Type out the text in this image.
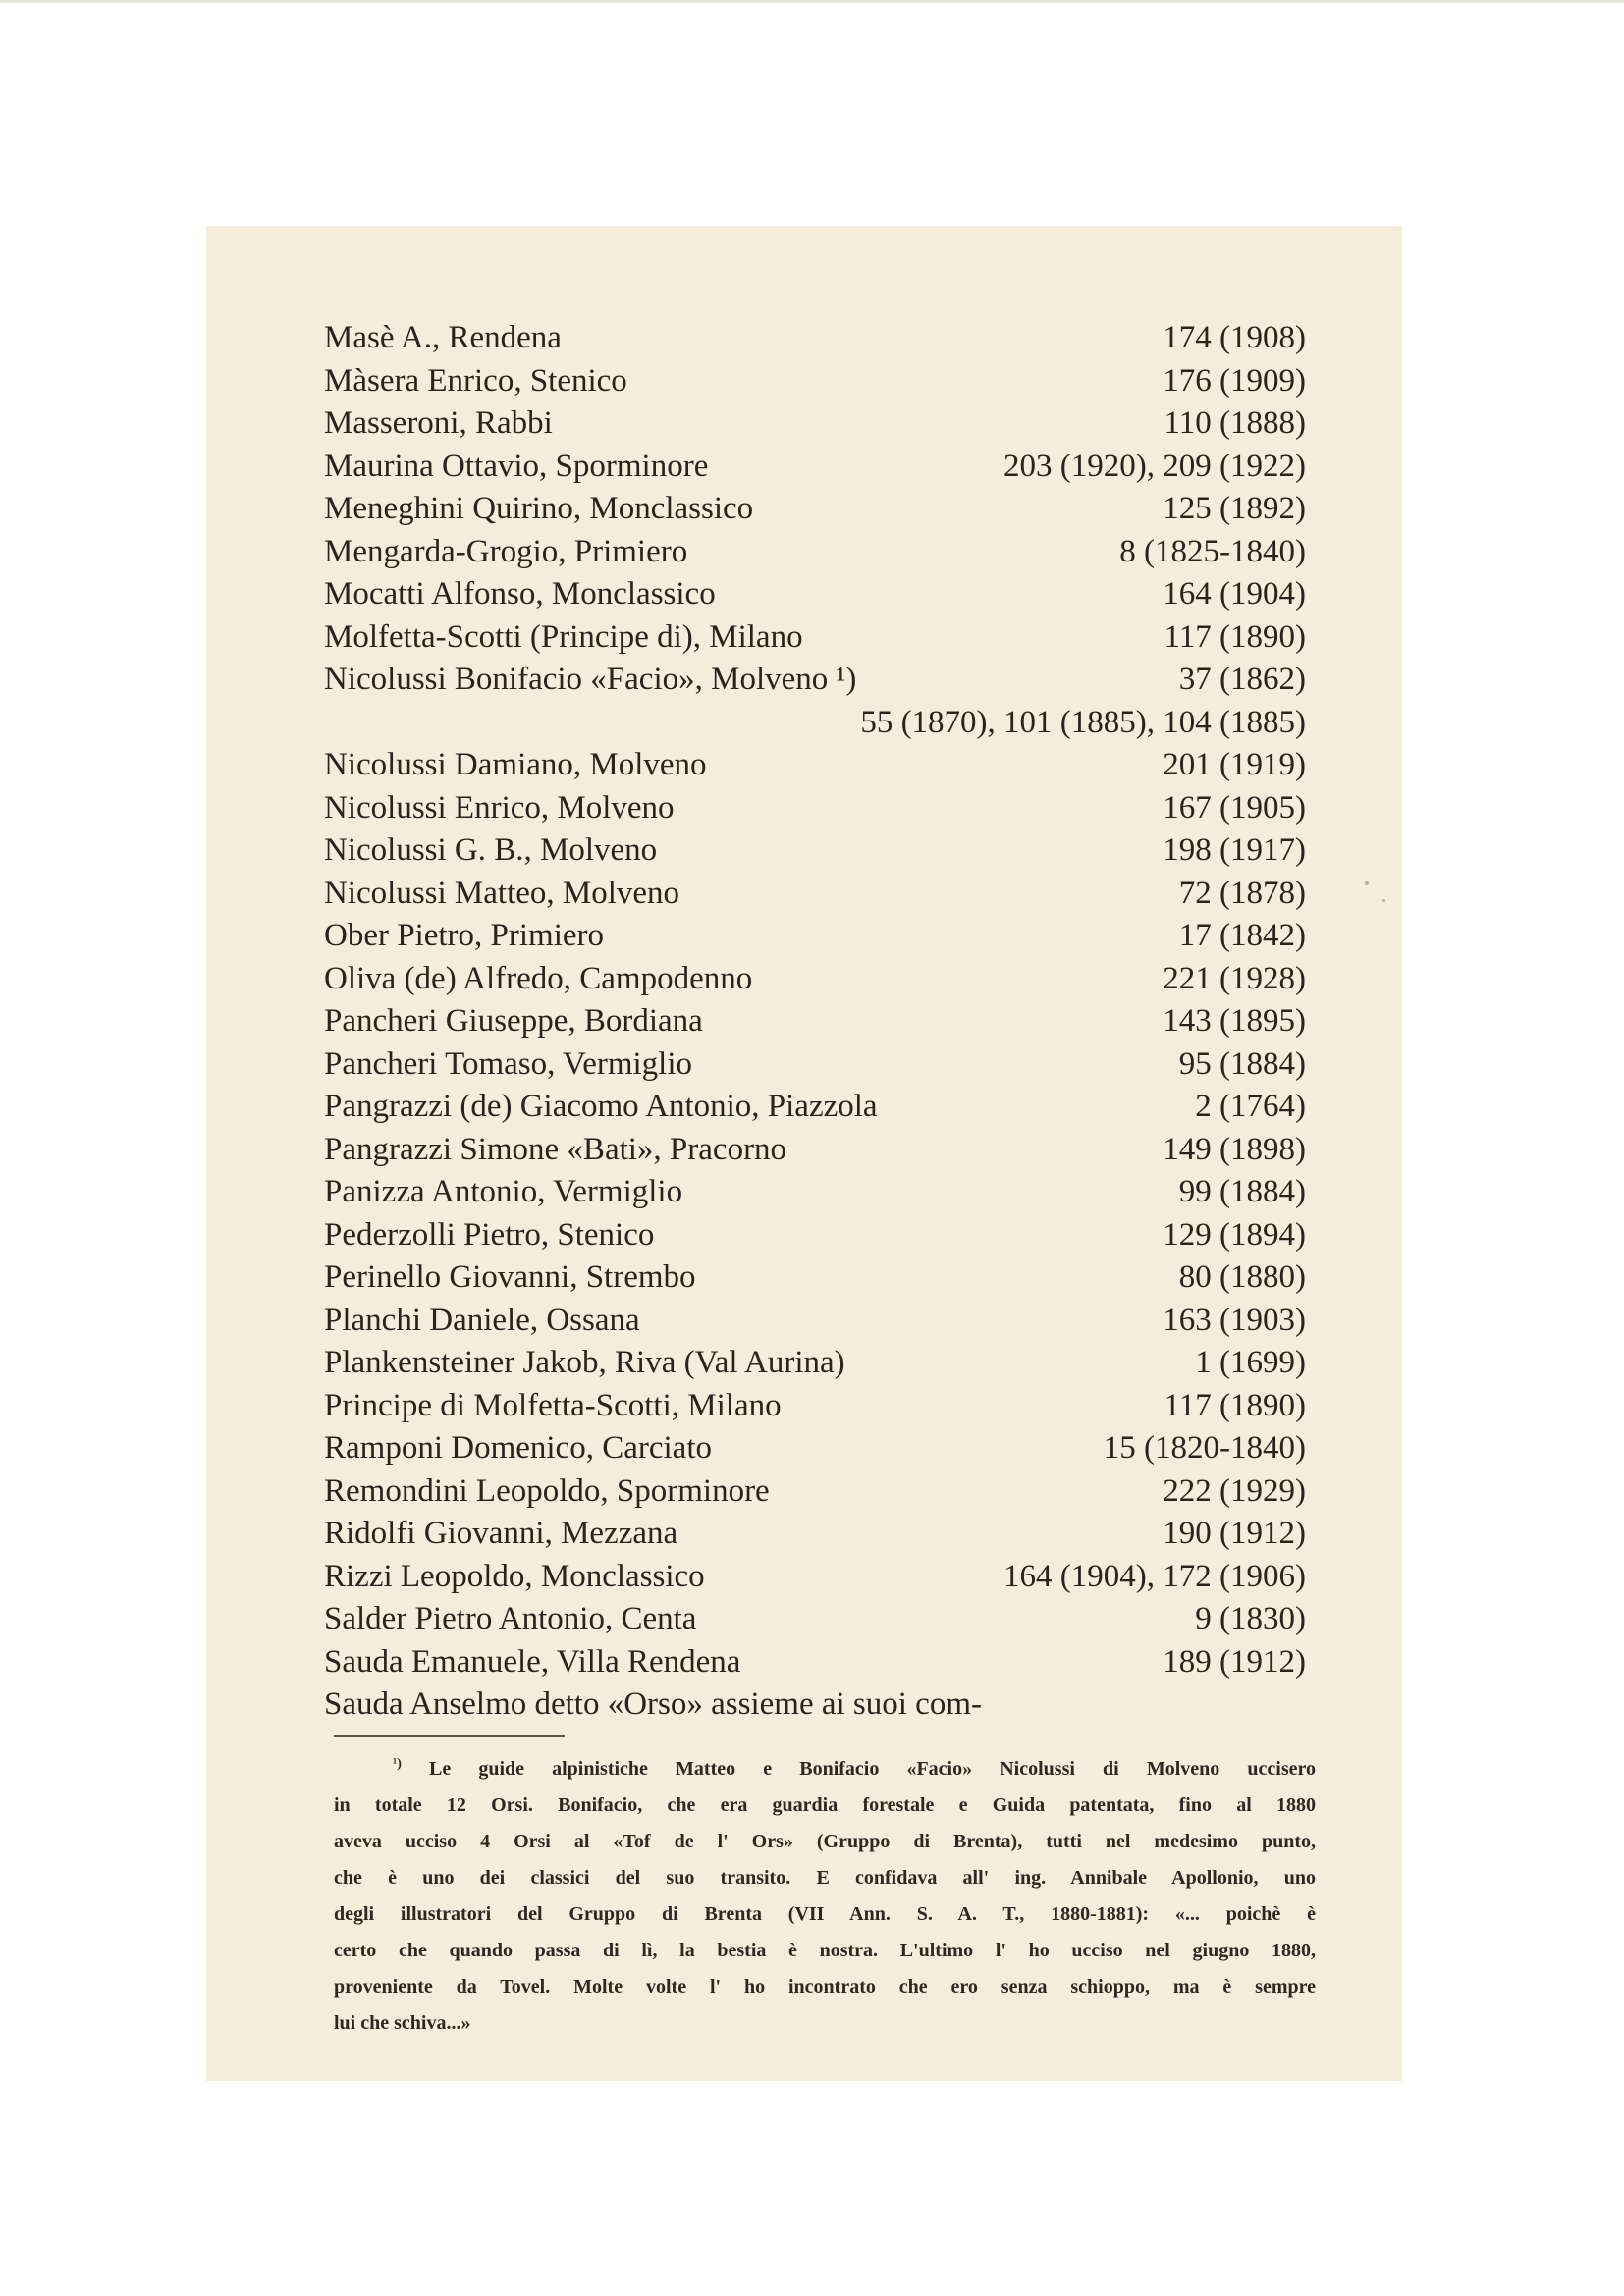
Masè A., Rendena	174 (1908)
Màsera Enrico, Stenico	176 (1909)
Masseroni, Rabbi	110 (1888)
Maurina Ottavio, Sporminore	203 (1920), 209 (1922)
Meneghini Quirino, Monclassico	125 (1892)
Mengarda-Grogio, Primiero	8 (1825-1840)
Mocatti Alfonso, Monclassico	164 (1904)
Molfetta-Scotti (Principe di), Milano	117 (1890)
Nicolussi Bonifacio «Facio», Molveno ¹)	37 (1862)
55 (1870), 101 (1885), 104 (1885)
Nicolussi Damiano, Molveno	201 (1919)
Nicolussi Enrico, Molveno	167 (1905)
Nicolussi G. B., Molveno	198 (1917)
Nicolussi Matteo, Molveno	72 (1878)
Ober Pietro, Primiero	17 (1842)
Oliva (de) Alfredo, Campodenno	221 (1928)
Pancheri Giuseppe, Bordiana	143 (1895)
Pancheri Tomaso, Vermiglio	95 (1884)
Pangrazzi (de) Giacomo Antonio, Piazzola	2 (1764)
Pangrazzi Simone «Bati», Pracorno	149 (1898)
Panizza Antonio, Vermiglio	99 (1884)
Pederzolli Pietro, Stenico	129 (1894)
Perinello Giovanni, Strembo	80 (1880)
Planchi Daniele, Ossana	163 (1903)
Plankensteiner Jakob, Riva (Val Aurina)	1 (1699)
Principe di Molfetta-Scotti, Milano	117 (1890)
Ramponi Domenico, Carciato	15 (1820-1840)
Remondini Leopoldo, Sporminore	222 (1929)
Ridolfi Giovanni, Mezzana	190 (1912)
Rizzi Leopoldo, Monclassico	164 (1904), 172 (1906)
Salder Pietro Antonio, Centa	9 (1830)
Sauda Emanuele, Villa Rendena	189 (1912)
Sauda Anselmo detto «Orso» assieme ai suoi com-
$^{^1)}$ Le guide alpinistiche Matteo e Bonifacio «Facio» Nicolussi di Molveno uccisero
in totale 12 Orsi. Bonifacio, che era guardia forestale e Guida patentata, fino al 1880
aveva ucciso 4 Orsi al «Tof de l' Ors» (Gruppo di Brenta), tutti nel medesimo punto,
che è uno dei classici del suo transito. E confidava all' ing. Annibale Apollonio, uno
degli illustratori del Gruppo di Brenta (VII Ann. S. A. T., 1880-1881): «... poichè è
certo che quando passa di lì, la bestia è nostra. L'ultimo l' ho ucciso nel giugno 1880,
proveniente da Tovel. Molte volte l' ho incontrato che ero senza schioppo, ma è sempre
lui che schiva...»
